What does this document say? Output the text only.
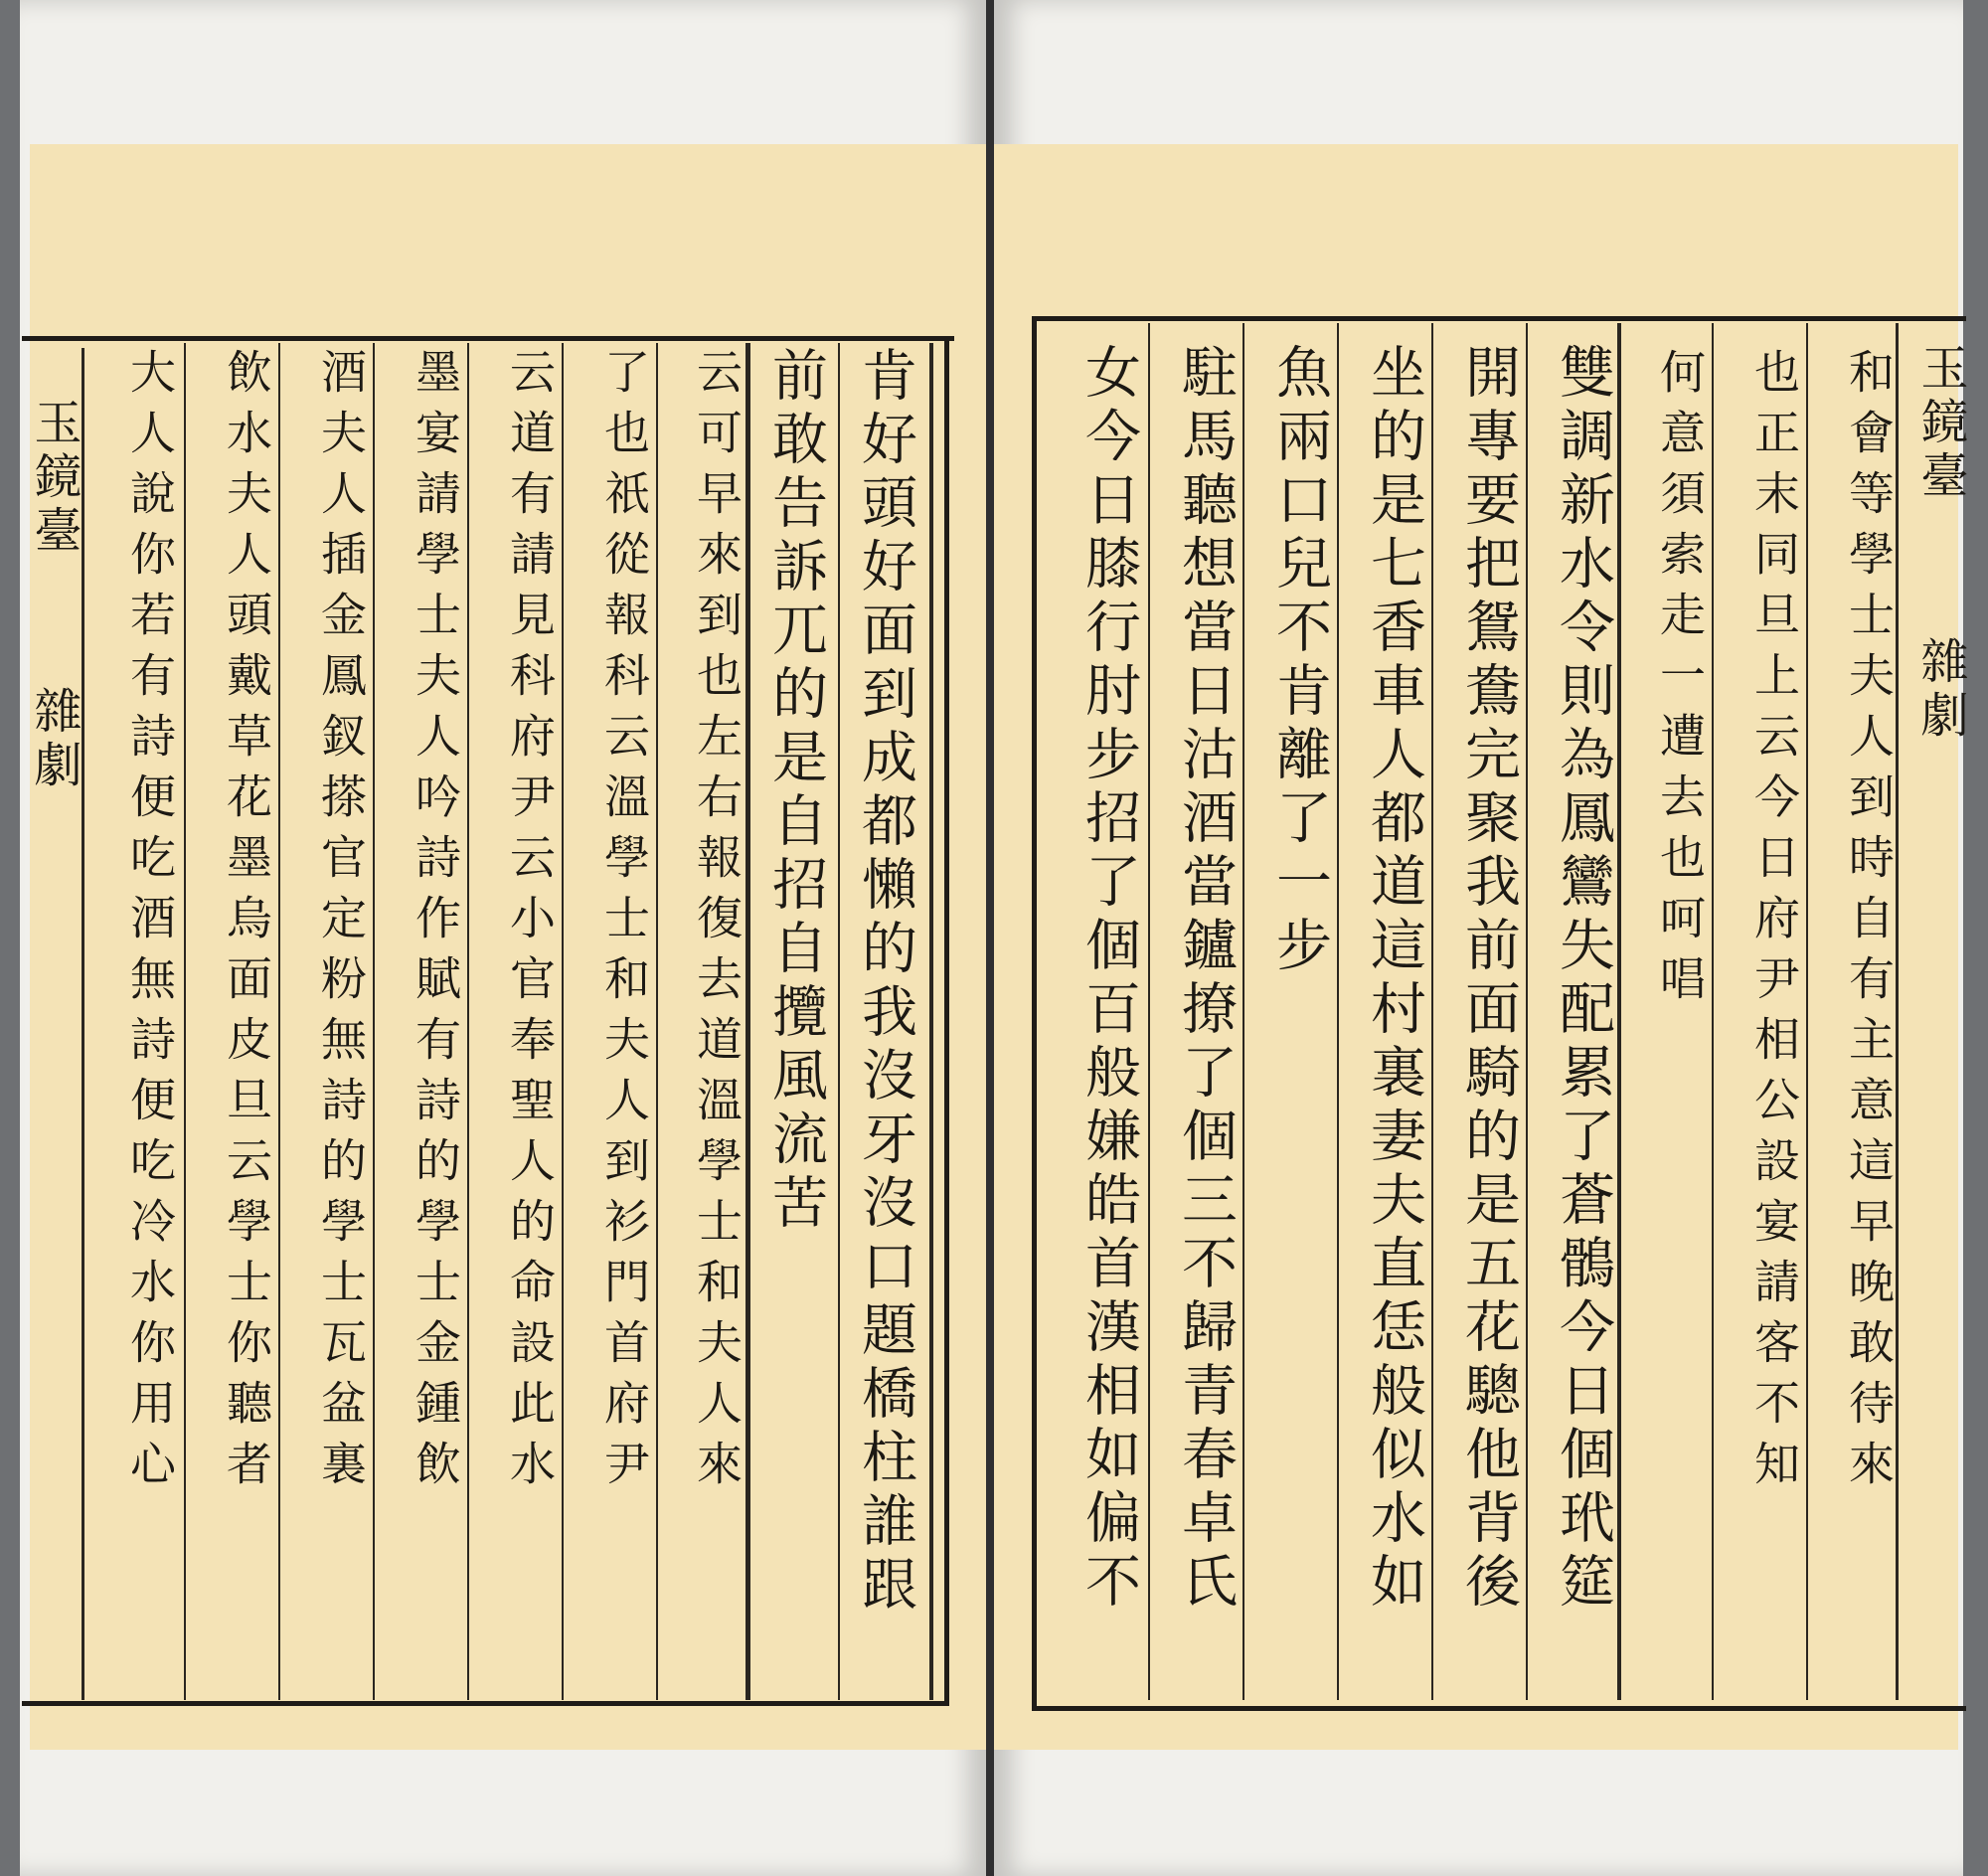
玉鏡臺
雜劇	肯好頭好面到成都懶的我沒牙沒口題橋柱誰跟
前敢告訴兀的是自招自攬風流苦
云可早來到也左右報復去道溫學士和夫人來
了也祇從報科云溫學士和夫人到衫門首府尹
云道有請見科府尹云小官奉聖人的命設此水
墨宴請學士夫人吟詩作賦有詩的學士金鍾飲
酒夫人插金鳳釵搽官定粉無詩的學士瓦盆裏
飲水夫人頭戴草花墨烏面皮旦云學士你聽者
大人說你若有詩便吃酒無詩便吃冷水你用心	玉鏡臺
雜劇
和會等學士夫人到時自有主意這早晚敢待來
也正末同旦上云今日府尹相公設宴請客不知
何意須索走一遭去也呵唱
雙調新水令則為鳳鸞失配累了蒼鶻今日個玳筵
開專要把鴛鴦完聚我前面騎的是五花驄他背後
坐的是七香車人都道這村裏妻夫直恁般似水如
魚兩口兒不肯離了一步
駐馬聽想當日沽酒當鑪撩了個三不歸青春卓氏
女今日膝行肘步招了個百般嫌皓首漢相如偏不
